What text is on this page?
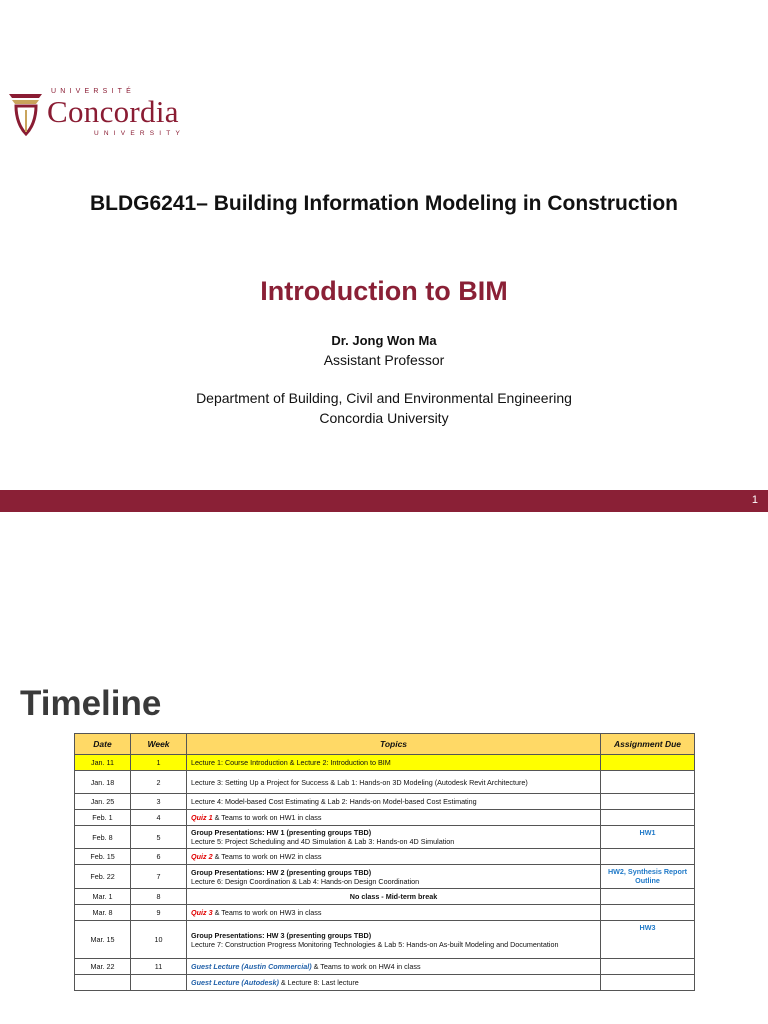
UNIVERSITÉ
Concordia
UNIVERSITY
BLDG6241– Building Information Modeling in Construction
Introduction to BIM
Dr. Jong Won Ma
Assistant Professor
Department of Building, Civil and Environmental Engineering
Concordia University
1
Timeline
Date	Week	Topics	Assignment Due
Jan. 11	1	Lecture 1: Course Introduction & Lecture 2: Introduction to BIM	

Jan. 18	2	Lecture 3: Setting Up a Project for Success & Lab 1: Hands-on 3D Modeling (Autodesk Revit Architecture)	

Jan. 25	3	Lecture 4: Model-based Cost Estimating & Lab 2: Hands-on Model-based Cost Estimating	

Feb. 1	4	Quiz 1 & Teams to work on HW1 in class	

Feb. 8	5	Group Presentations: HW 1 (presenting groups TBD)
Lecture 5: Project Scheduling and 4D Simulation & Lab 3: Hands-on 4D Simulation	HW1
Feb. 15	6	Quiz 2 & Teams to work on HW2 in class	

Feb. 22	7	Group Presentations: HW 2 (presenting groups TBD)
Lecture 6: Design Coordination & Lab 4: Hands-on Design Coordination	HW2, Synthesis Report Outline
Mar. 1	8	No class - Mid-term break	

Mar. 8	9	Quiz 3 & Teams to work on HW3 in class	

Mar. 15	10	Group Presentations: HW 3 (presenting groups TBD)
Lecture 7: Construction Progress Monitoring Technologies & Lab 5: Hands-on As-built Modeling and Documentation	HW3
Mar. 22	11	Guest Lecture (Austin Commercial) & Teams to work on HW4 in class	

		Guest Lecture (Autodesk) & Lecture 8: Last lecture	
